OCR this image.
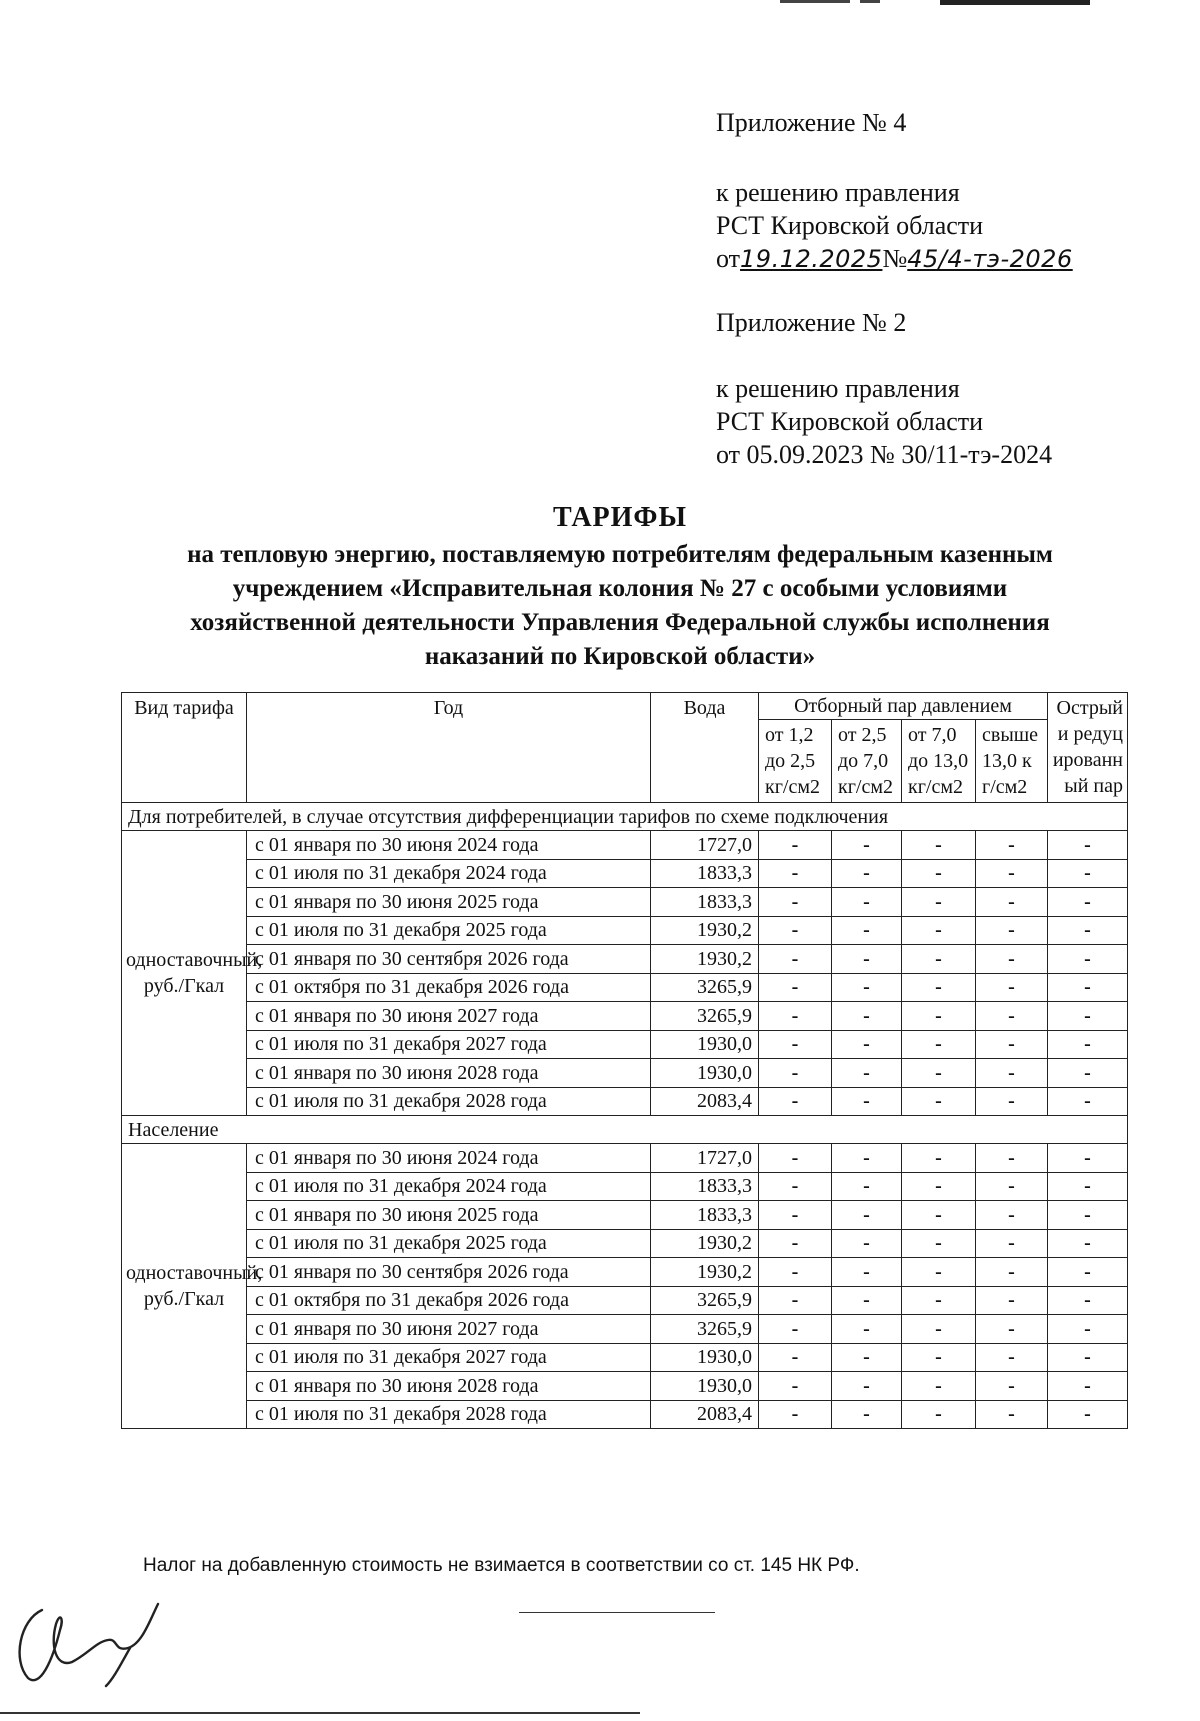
Приложение № 4
к решению правления
РСТ Кировской области
от19.12.2025№45/4-тэ-2026
Приложение № 2
к решению правления
РСТ Кировской области
от 05.09.2023 № 30/11-тэ-2024
ТАРИФЫ
на тепловую энергию, поставляемую потребителям федеральным казенным учреждением «Исправительная колония № 27 с особыми условиями хозяйственной деятельности Управления Федеральной службы исполнения наказаний по Кировской области»
Вид тарифа	Год	Вода	Отборный пар давлением				Острый и редуцированный пар
			от 1,2 до 2,5 кг/см2	от 2,5 до 7,0 кг/см2	от 7,0 до 13,0 кг/см2	свыше 13,0 кг/см2	
Для потребителей, в случае отсутствия дифференциации тарифов по схеме подключения							
одноставочный, руб./Гкал	с 01 января по 30 июня 2024 года	1727,0	-	-	-	-	-
	с 01 июля по 31 декабря 2024 года	1833,3	-	-	-	-	-
	с 01 января по 30 июня 2025 года	1833,3	-	-	-	-	-
	с 01 июля по 31 декабря 2025 года	1930,2	-	-	-	-	-
	с 01 января по 30 сентября 2026 года	1930,2	-	-	-	-	-
	с 01 октября по 31 декабря 2026 года	3265,9	-	-	-	-	-
	с 01 января по 30 июня 2027 года	3265,9	-	-	-	-	-
	с 01 июля по 31 декабря 2027 года	1930,0	-	-	-	-	-
	с 01 января по 30 июня 2028 года	1930,0	-	-	-	-	-
	с 01 июля по 31 декабря 2028 года	2083,4	-	-	-	-	-
Население							
одноставочный, руб./Гкал	с 01 января по 30 июня 2024 года	1727,0	-	-	-	-	-
	с 01 июля по 31 декабря 2024 года	1833,3	-	-	-	-	-
	с 01 января по 30 июня 2025 года	1833,3	-	-	-	-	-
	с 01 июля по 31 декабря 2025 года	1930,2	-	-	-	-	-
	с 01 января по 30 сентября 2026 года	1930,2	-	-	-	-	-
	с 01 октября по 31 декабря 2026 года	3265,9	-	-	-	-	-
	с 01 января по 30 июня 2027 года	3265,9	-	-	-	-	-
	с 01 июля по 31 декабря 2027 года	1930,0	-	-	-	-	-
	с 01 января по 30 июня 2028 года	1930,0	-	-	-	-	-
	с 01 июля по 31 декабря 2028 года	2083,4	-	-	-	-	-
Налог на добавленную стоимость не взимается в соответствии со ст. 145 НК РФ.
